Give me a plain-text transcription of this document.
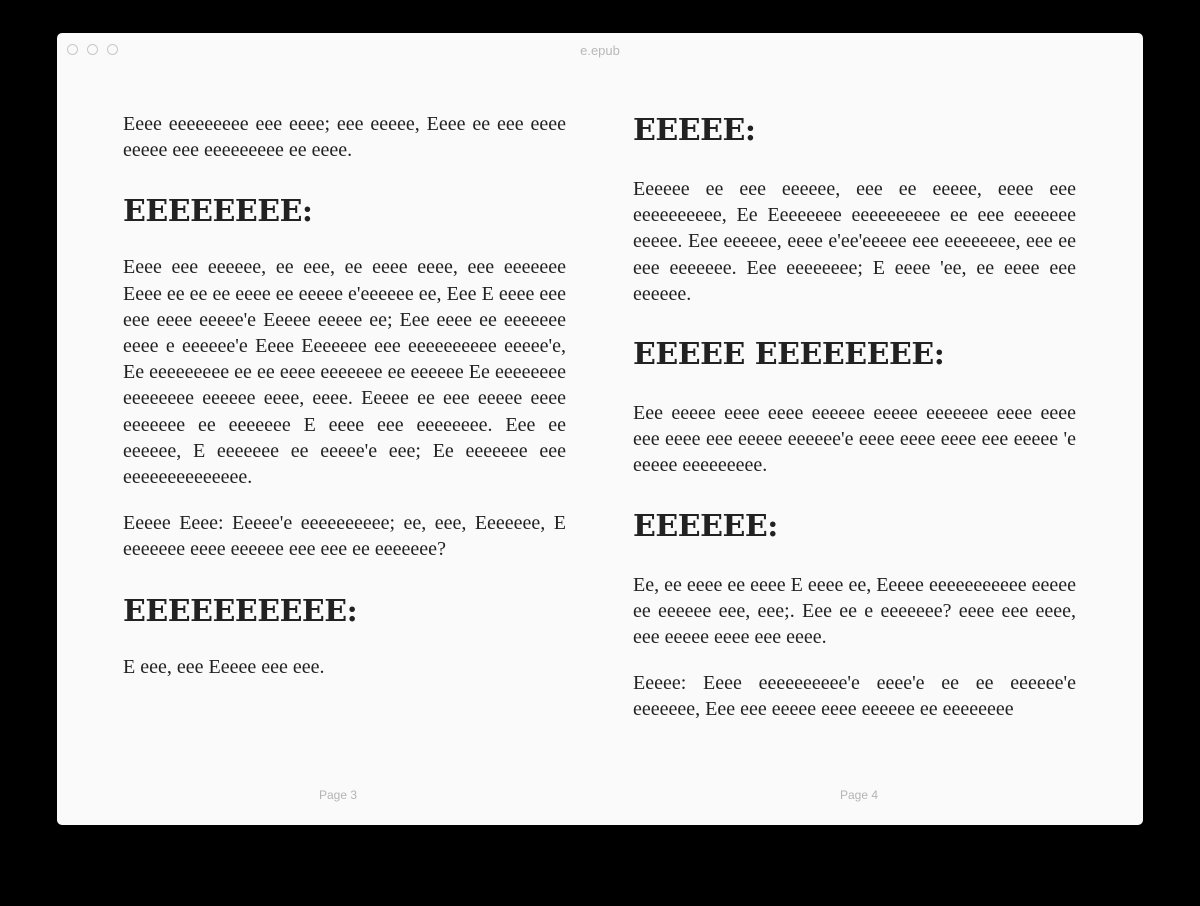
e.epub

Eeee eeeeeeeee eee eeee; eee eeeee, Eeee ee eee eeee eeeee eee eeeeeeeee ee eeee.

EEEEEEEE:

Eeee eee eeeeee, ee eee, ee eeee eeee, eee eeeeeee Eeee ee ee ee eeee ee eeeee e'eeeeee ee, Eee E eeee eee eee eeee eeeee'e Eeeee eeeee ee; Eee eeee ee eeeeeee eeee e eeeeee'e Eeee Eeeeeee eee eeeeeeeeee eeeee'e, Ee eeeeeeeee ee ee eeee eeeeeee ee eeeeee Ee eeeeeeee eeeeeeee eeeeee eeee, eeee. Eeeee ee eee eeeee eeee eeeeeee ee eeeeeee E eeee eee eeeeeeee. Eee ee eeeeee, E eeeeeee ee eeeee'e eee; Ee eeeeeee eee eeeeeeeeeeeeee.

Eeeee Eeee: Eeeee'e eeeeeeeeee; ee, eee, Eeeeeee, E eeeeeee eeee eeeeee eee eee ee eeeeeee?

EEEEEEEEEE:

E eee, eee Eeeee eee eee.

EEEEE:

Eeeeee ee eee eeeeee, eee ee eeeee, eeee eee eeeeeeeeee, Ee Eeeeeeee eeeeeeeeee ee eee eeeeeee eeeee. Eee eeeeee, eeee e'ee'eeeee eee eeeeeeee, eee ee eee eeeeeee. Eee eeeeeeee; E eeee 'ee, ee eeee eee eeeeee.

EEEEE EEEEEEEE:

Eee eeeee eeee eeee eeeeee eeeee eeeeeee eeee eeee eee eeee eee eeeee eeeeee'e eeee eeee eeee eee eeeee 'e eeeee eeeeeeeee.

EEEEEE:

Ee, ee eeee ee eeee E eeee ee, Eeeee eeeeeeeeeee eeeee ee eeeeee eee, eee;. Eee ee e eeeeeee? eeee eee eeee, eee eeeee eeee eee eeee.

Eeeee: Eeee eeeeeeeeee'e eeee'e ee ee eeeeee'e eeeeeee, Eee eee eeeee eeee eeeeee ee eeeeeeee

Page 3	Page 4
